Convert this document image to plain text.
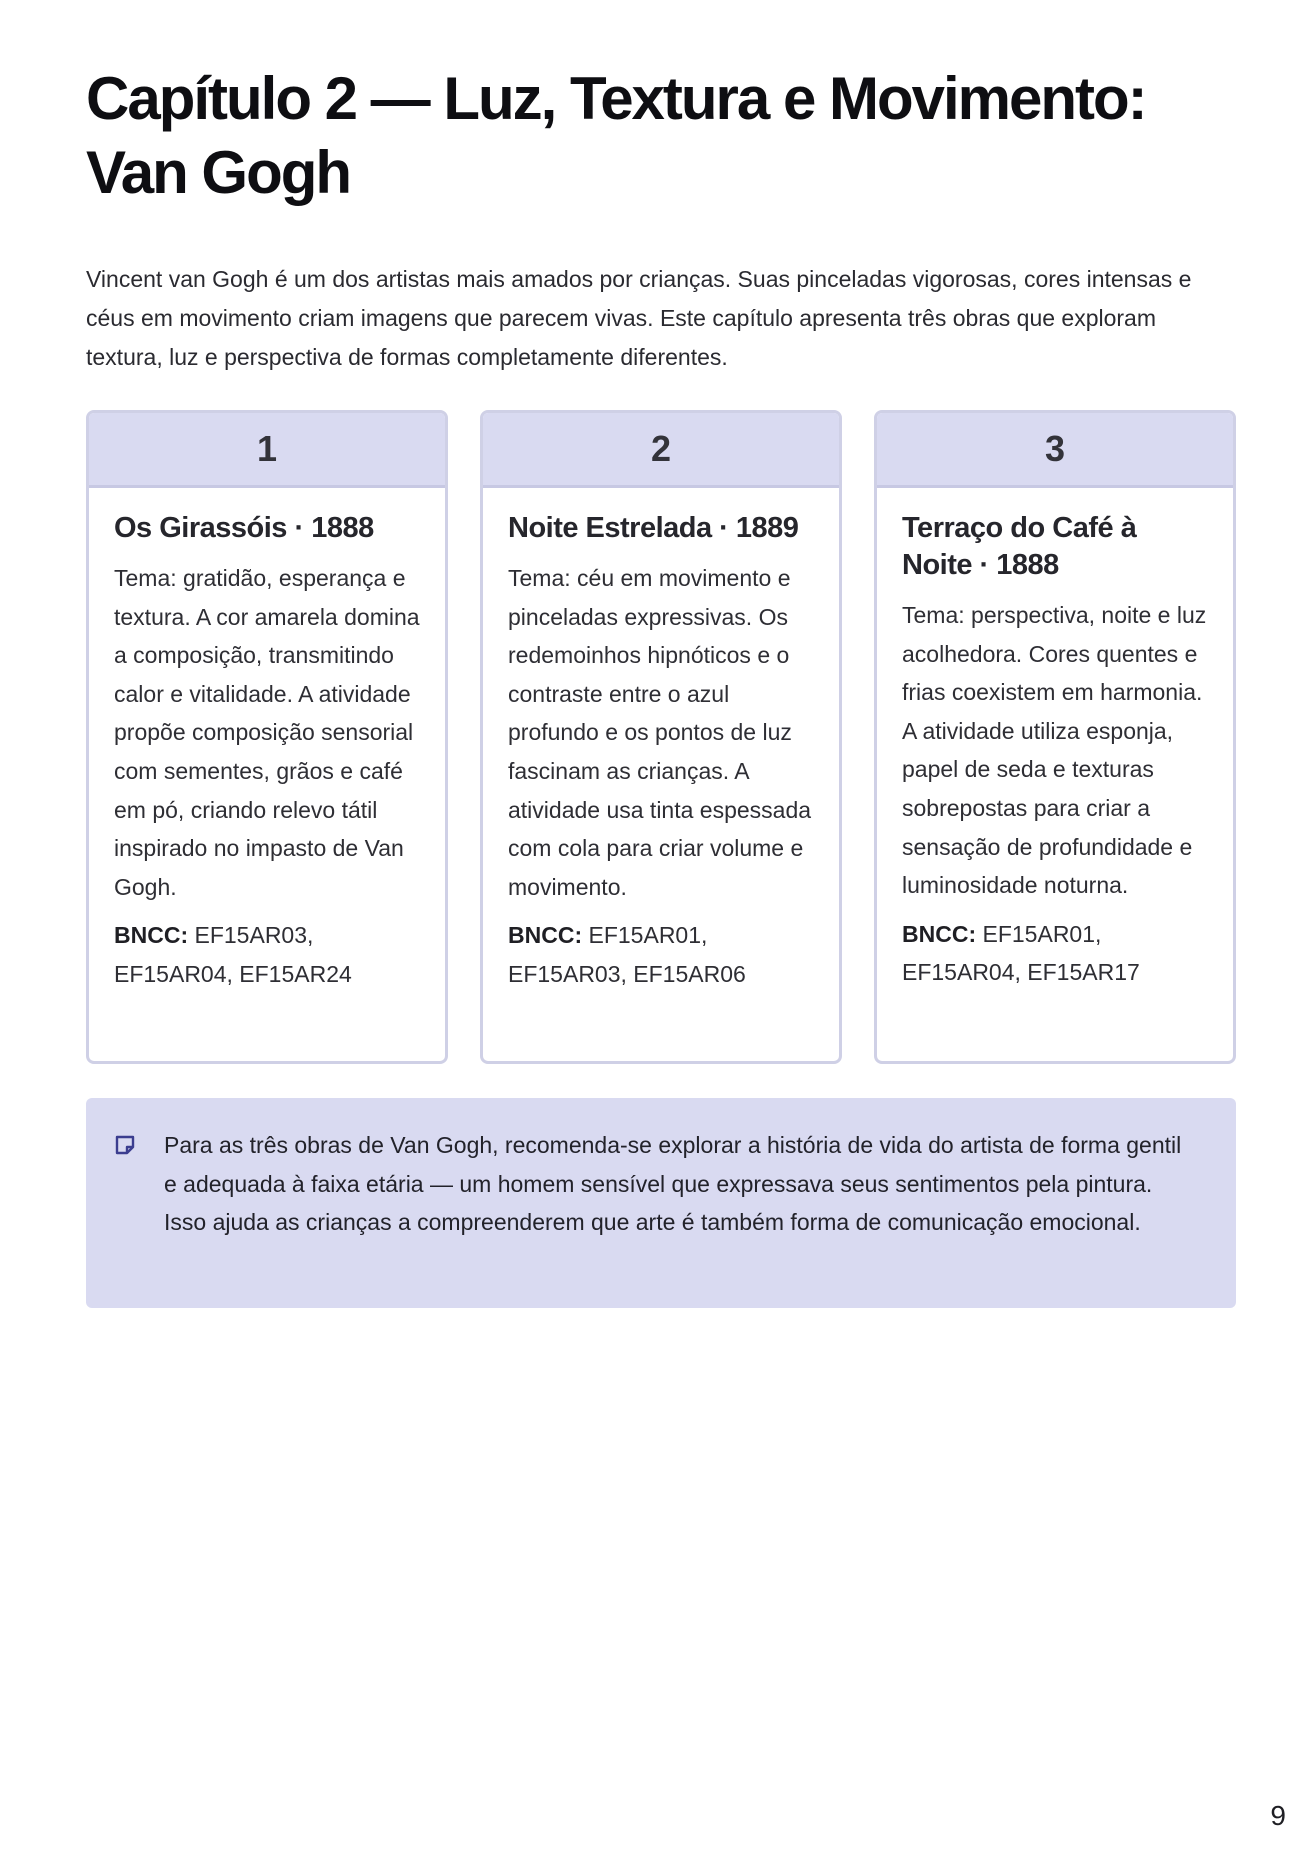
Capítulo 2 — Luz, Textura e Movimento: Van Gogh

Vincent van Gogh é um dos artistas mais amados por crianças. Suas pinceladas vigorosas, cores intensas e céus em movimento criam imagens que parecem vivas. Este capítulo apresenta três obras que exploram textura, luz e perspectiva de formas completamente diferentes.

1
Os Girassóis · 1888

Tema: gratidão, esperança e textura. A cor amarela domina a composição, transmitindo calor e vitalidade. A atividade propõe composição sensorial com sementes, grãos e café em pó, criando relevo tátil inspirado no impasto de Van Gogh.

BNCC: EF15AR03, EF15AR04, EF15AR24

2
Noite Estrelada · 1889

Tema: céu em movimento e pinceladas expressivas. Os redemoinhos hipnóticos e o contraste entre o azul profundo e os pontos de luz fascinam as crianças. A atividade usa tinta espessada com cola para criar volume e movimento.

BNCC: EF15AR01, EF15AR03, EF15AR06

3
Terraço do Café à Noite · 1888

Tema: perspectiva, noite e luz acolhedora. Cores quentes e frias coexistem em harmonia. A atividade utiliza esponja, papel de seda e texturas sobrepostas para criar a sensação de profundidade e luminosidade noturna.

BNCC: EF15AR01, EF15AR04, EF15AR17

Para as três obras de Van Gogh, recomenda-se explorar a história de vida do artista de forma gentil e adequada à faixa etária — um homem sensível que expressava seus sentimentos pela pintura. Isso ajuda as crianças a compreenderem que arte é também forma de comunicação emocional.

9
